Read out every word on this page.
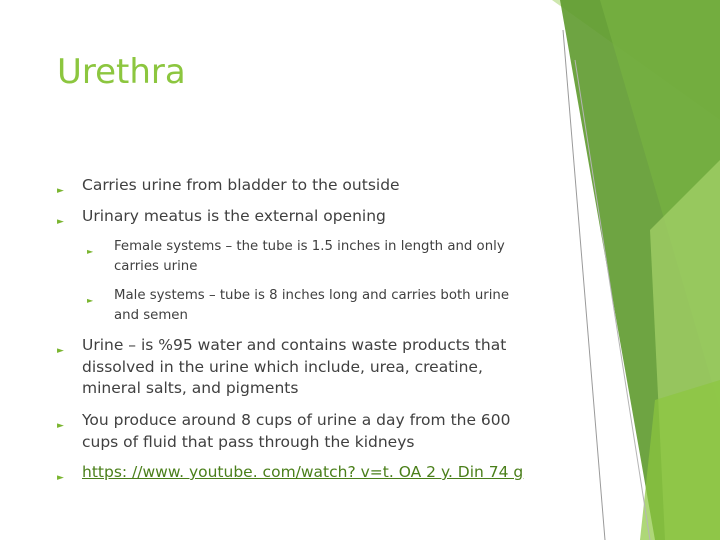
Urethra
► Carries urine from bladder to the outside
► Urinary meatus is the external opening
► Female systems – the tube is 1.5 inches in length and only
carries urine
► Male systems – tube is 8 inches long and carries both urine
and semen
► Urine – is %95 water and contains waste products that
dissolved in the urine which include, urea, creatine,
mineral salts, and pigments
► You produce around 8 cups of urine a day from the 600
cups of fluid that pass through the kidneys
► https: //www. youtube. com/watch? v=t. OA 2 y. Din 74 g
